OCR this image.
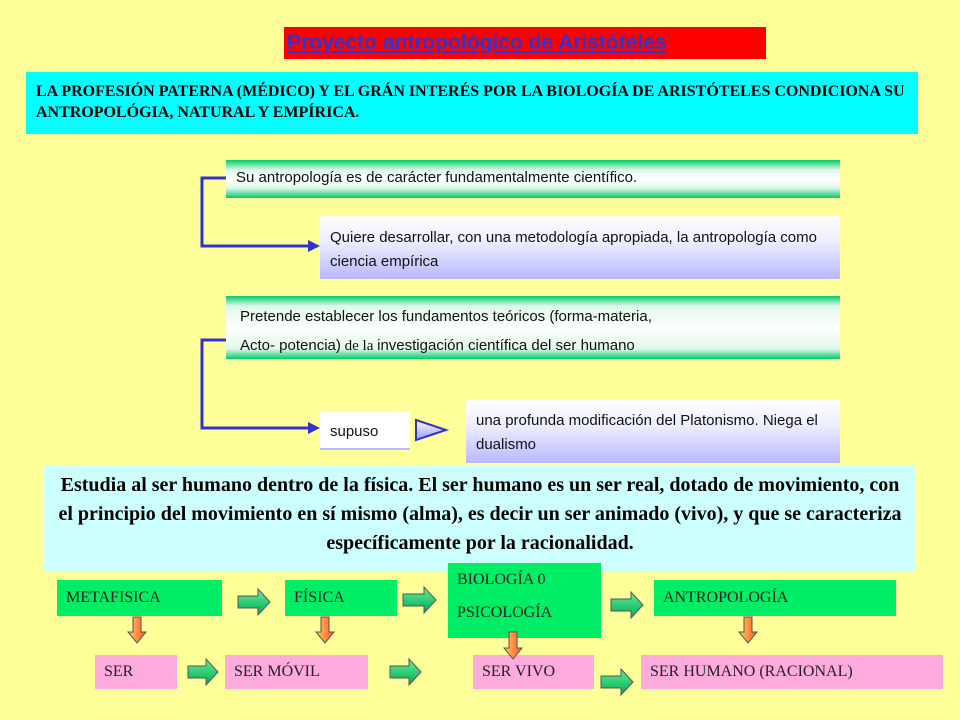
Proyecto antropológico de Aristóteles
LA PROFESIÓN PATERNA (MÉDICO) Y EL GRÁN INTERÉS POR LA BIOLOGÍA DE ARISTÓTELES CONDICIONA SU ANTROPOLÓGIA, NATURAL Y EMPÍRICA.
Su antropología es de carácter fundamentalmente científico.
Quiere desarrollar, con una metodología apropiada, la antropología como ciencia empírica
Pretende establecer los fundamentos teóricos (forma-materia,
Acto- potencia) de la investigación científica del ser humano
supuso
una profunda modificación del Platonismo. Niega el dualismo
Estudia al ser humano dentro de la física. El ser humano es un ser real, dotado de movimiento, con el principio del movimiento en sí mismo (alma), es decir un ser animado (vivo), y que se caracteriza específicamente por la racionalidad.
METAFISICA	FÍSICA
BIOLOGÍA 0
PSICOLOGÍA
ANTROPOLOGÍA
SER	SER MÓVIL	SER VIVO	SER HUMANO (RACIONAL)
